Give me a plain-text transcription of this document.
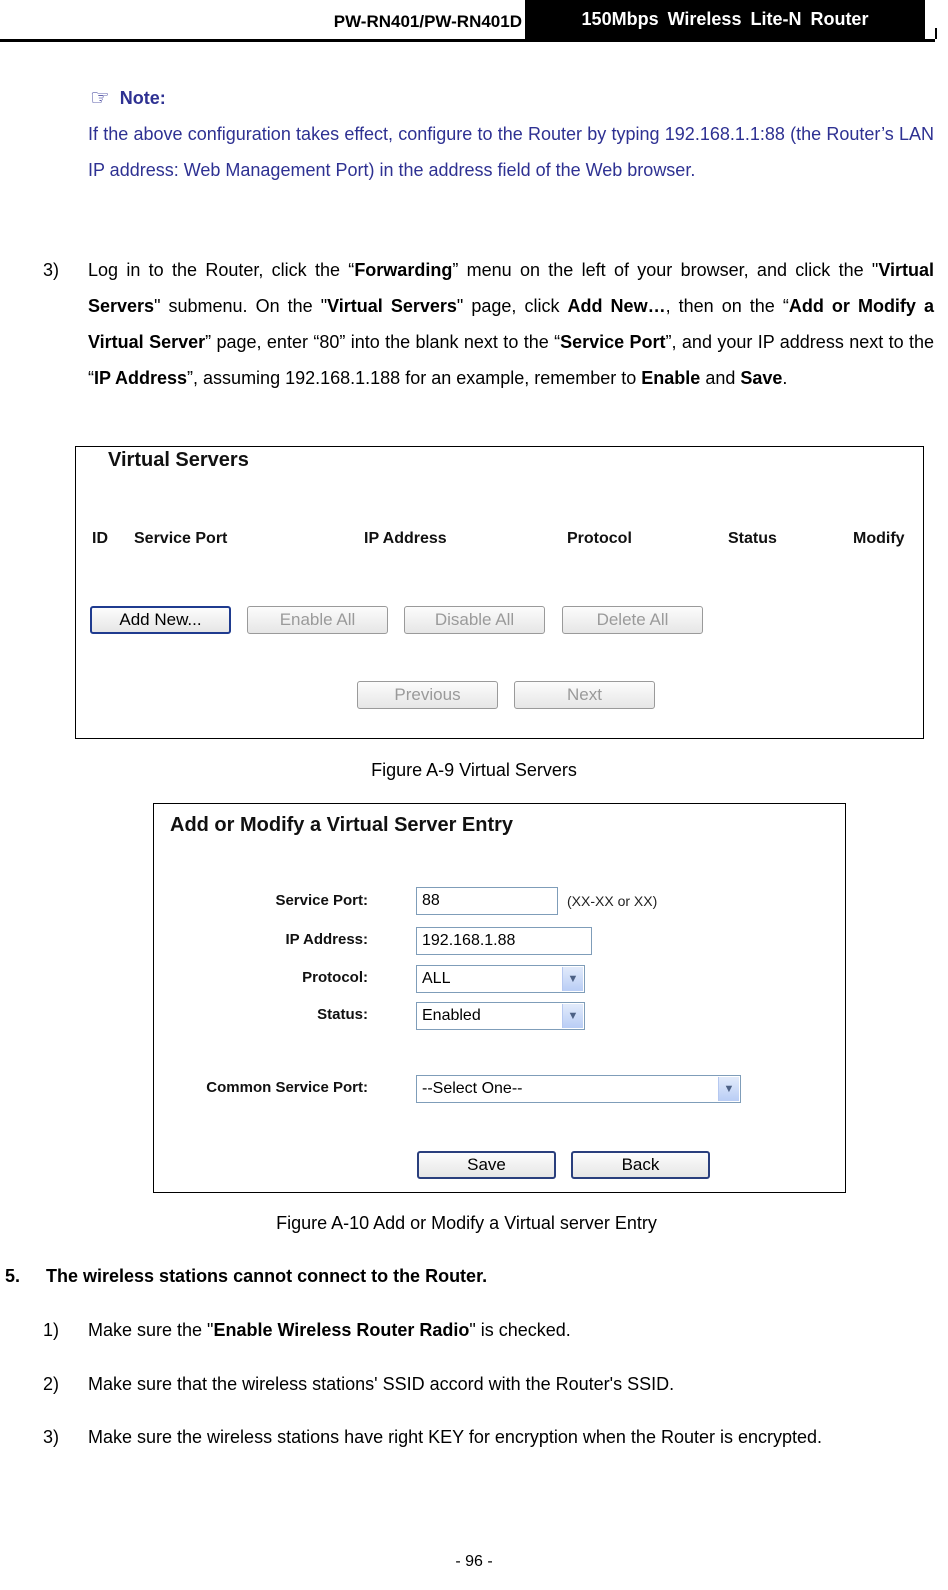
PW-RN401/PW-RN401D	150Mbps Wireless Lite-N Router
☞ Note:
If the above configuration takes effect, configure to the Router by typing 192.168.1.1:88 (the Router’s LAN IP address: Web Management Port) in the address field of the Web browser.
3) Log in to the Router, click the “Forwarding” menu on the left of your browser, and click the "Virtual Servers" submenu. On the "Virtual Servers" page, click Add New…, then on the “Add or Modify a Virtual Server” page, enter “80” into the blank next to the “Service Port”, and your IP address next to the “IP Address”, assuming 192.168.1.188 for an example, remember to Enable and Save.
Virtual Servers
ID Service Port	IP Address	Protocol	Status	Modify
Add New...	Enable All	Disable All	Delete All
Previous	Next
Figure A-9 Virtual Servers
Add or Modify a Virtual Server Entry
Service Port:	88	(XX-XX or XX)
IP Address:	192.168.1.88
Protocol:	ALL	▼
Status:	Enabled	▼
Common Service Port:	--Select One--	▼
Save	Back
Figure A-10 Add or Modify a Virtual server Entry
5. The wireless stations cannot connect to the Router.
1) Make sure the "Enable Wireless Router Radio" is checked.
2) Make sure that the wireless stations' SSID accord with the Router's SSID.
3) Make sure the wireless stations have right KEY for encryption when the Router is encrypted.
- 96 -
